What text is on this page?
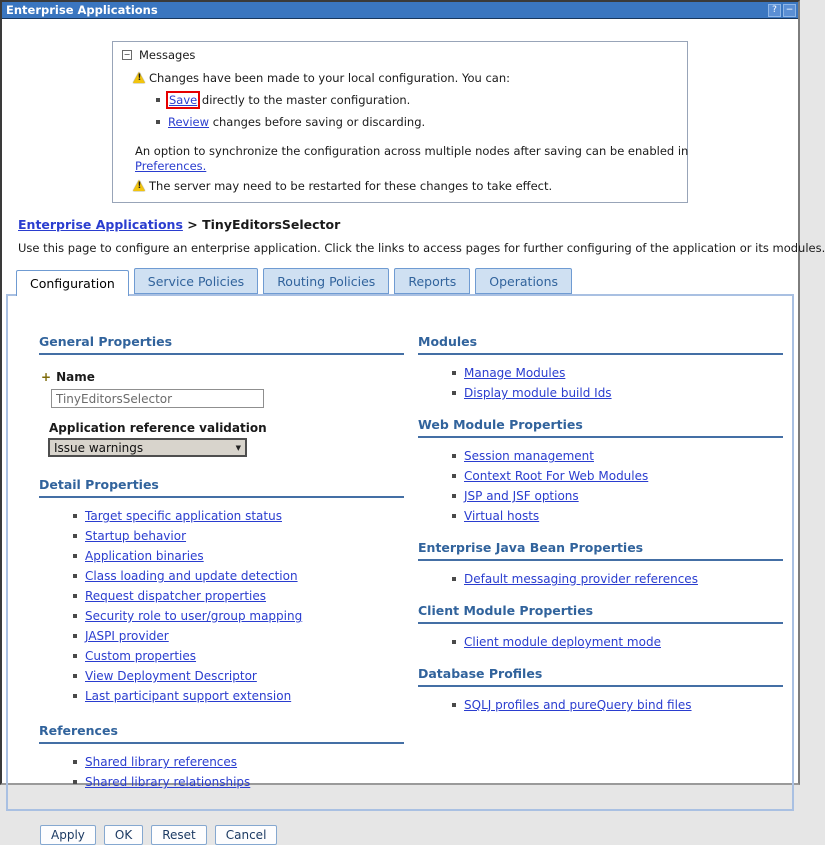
Enterprise Applications	? −
− Messages
!
Changes have been made to your local configuration. You can:
Save directly to the master configuration.
Review changes before saving or discarding.
An option to synchronize the configuration across multiple nodes after saving can be enabled in
Preferences.
!
The server may need to be restarted for these changes to take effect.
Enterprise Applications > TinyEditorsSelector
Use this page to configure an enterprise application. Click the links to access pages for further configuring of the application or its modules.
Configuration	Service Policies	Routing Policies	Reports	Operations
General Properties
+ Name
TinyEditorsSelector
Application reference validation
Issue warnings	▼
Detail Properties
Target specific application status
Startup behavior
Application binaries
Class loading and update detection
Request dispatcher properties
Security role to user/group mapping
JASPI provider
Custom properties
View Deployment Descriptor
Last participant support extension
References
Shared library references
Shared library relationships
Apply	OK	Reset	Cancel
Modules
Manage Modules
Display module build Ids
Web Module Properties
Session management
Context Root For Web Modules
JSP and JSF options
Virtual hosts
Enterprise Java Bean Properties
Default messaging provider references
Client Module Properties
Client module deployment mode
Database Profiles
SQLJ profiles and pureQuery bind files
